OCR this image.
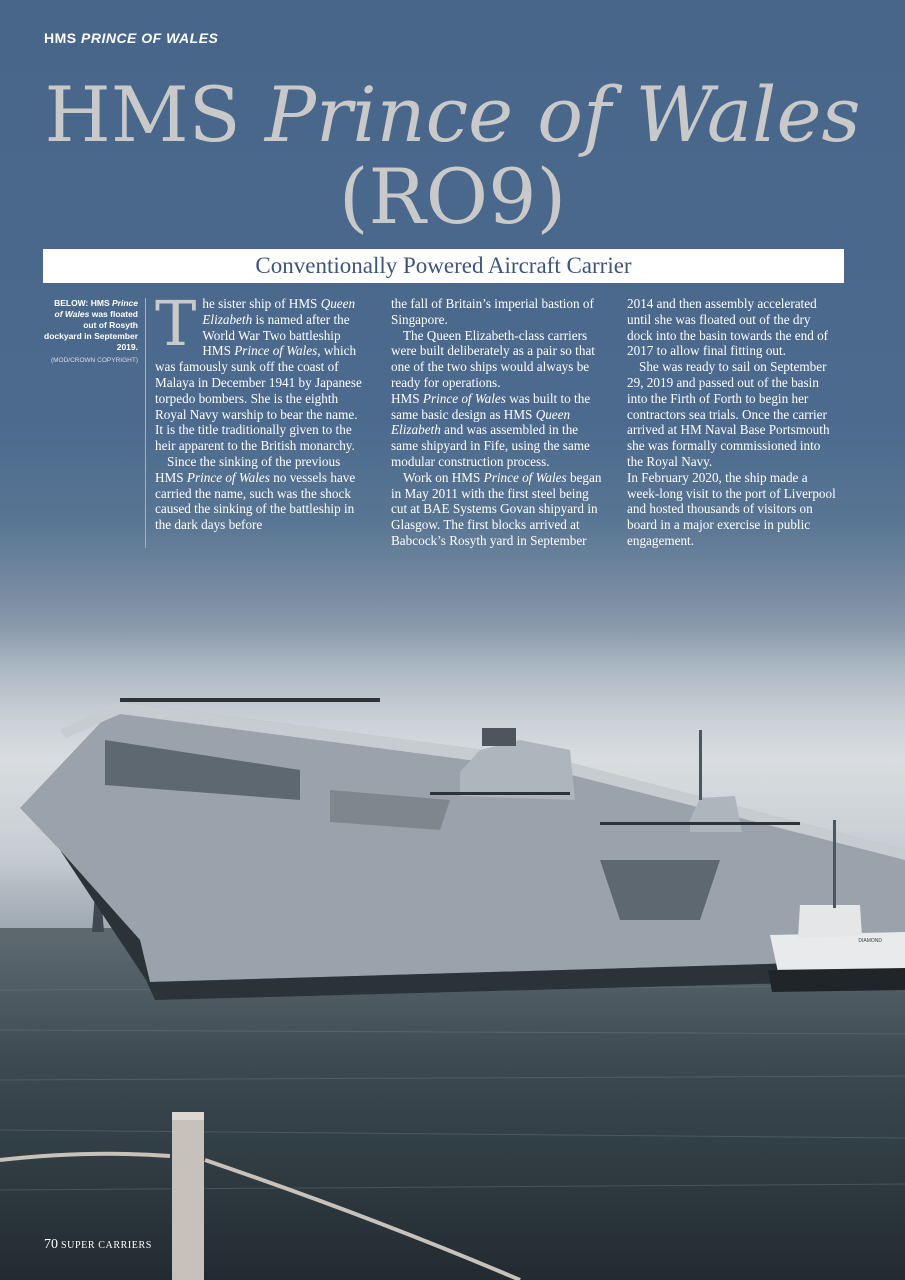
DIAMOND
HMS PRINCE OF WALES
HMS Prince of Wales
(RO9)
Conventionally Powered Aircraft Carrier
BELOW: HMS Prince of Wales was floated out of Rosyth dockyard in September 2019.
(MOD/CROWN COPYRIGHT)

The sister ship of HMS Queen Elizabeth is named after the World War Two battleship HMS Prince of Wales, which was famously sunk off the coast of Malaya in December 1941 by Japanese torpedo bombers. She is the eighth Royal Navy warship to bear the name. It is the title traditionally given to the heir apparent to the British monarchy.

Since the sinking of the previous HMS Prince of Wales no vessels have carried the name, such was the shock caused the sinking of the battleship in the dark days before

the fall of Britain’s imperial bastion of Singapore.

The Queen Elizabeth-class carriers were built deliberately as a pair so that one of the two ships would always be ready for operations.

HMS Prince of Wales was built to the same basic design as HMS Queen Elizabeth and was assembled in the same shipyard in Fife, using the same modular construction process.

Work on HMS Prince of Wales began in May 2011 with the first steel being cut at BAE Systems Govan shipyard in Glasgow. The first blocks arrived at Babcock’s Rosyth yard in September

2014 and then assembly accelerated until she was floated out of the dry dock into the basin towards the end of 2017 to allow final fitting out.

She was ready to sail on September 29, 2019 and passed out of the basin into the Firth of Forth to begin her contractors sea trials. Once the carrier arrived at HM Naval Base Portsmouth she was formally commissioned into the Royal Navy.

In February 2020, the ship made a week-long visit to the port of Liverpool and hosted thousands of visitors on board in a major exercise in public engagement.

70 SUPER CARRIERS
